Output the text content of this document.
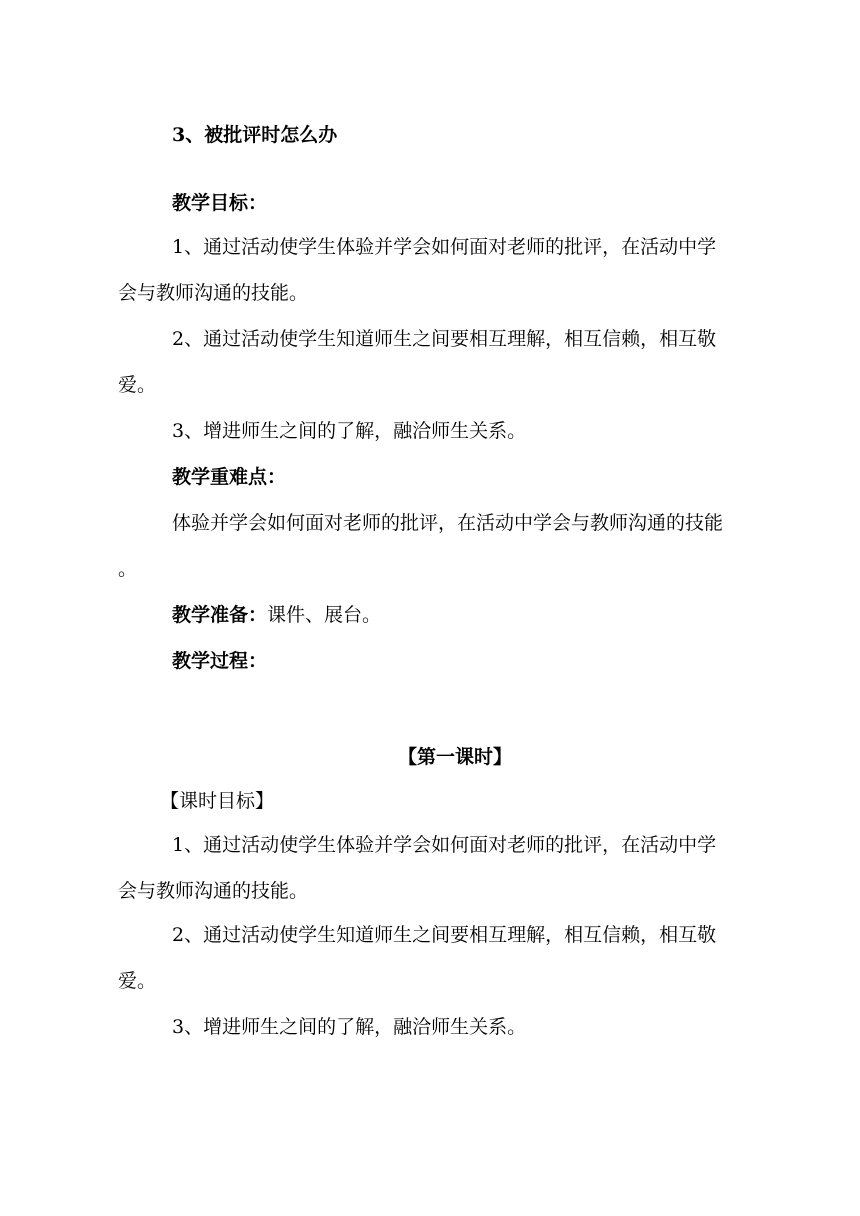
3、被批评时怎么办
教学目标：
1、通过活动使学生体验并学会如何面对老师的批评，在活动中学会与教师沟通的技能。
2、通过活动使学生知道师生之间要相互理解，相互信赖，相互敬爱。
3、增进师生之间的了解，融洽师生关系。
教学重难点：
体验并学会如何面对老师的批评，在活动中学会与教师沟通的技能。
教学准备：课件、展台。
教学过程：
【第一课时】
【课时目标】
1、通过活动使学生体验并学会如何面对老师的批评，在活动中学会与教师沟通的技能。
2、通过活动使学生知道师生之间要相互理解，相互信赖，相互敬爱。
3、增进师生之间的了解，融洽师生关系。
